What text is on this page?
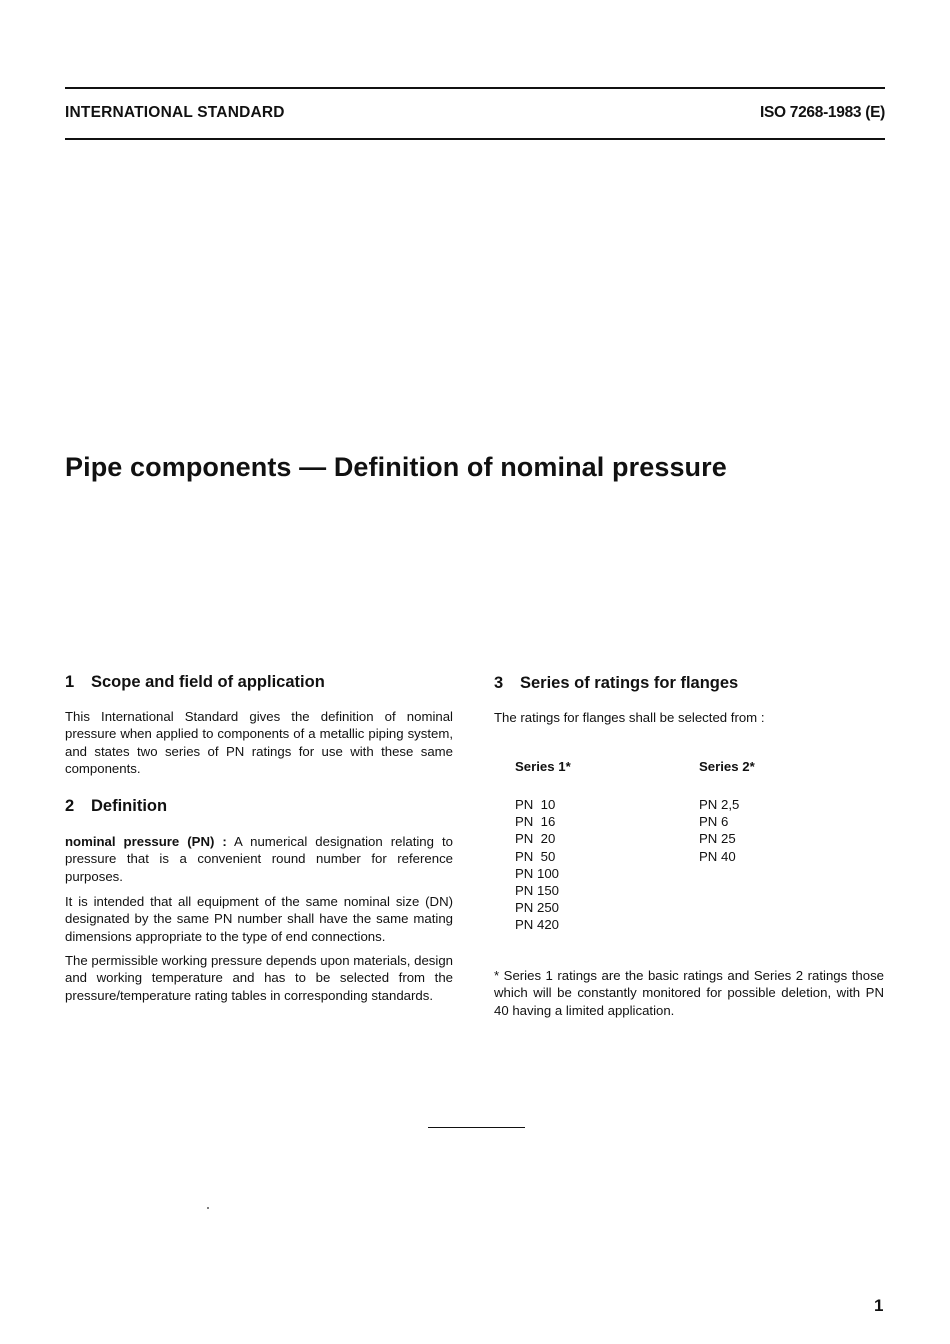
INTERNATIONAL STANDARD	ISO 7268-1983 (E)
Pipe components — Definition of nominal pressure
1 Scope and field of application

This International Standard gives the definition of nominal pressure when applied to components of a metallic piping system, and states two series of PN ratings for use with these same components.

2 Definition

nominal pressure (PN) : A numerical designation relating to pressure that is a convenient round number for reference purposes.

It is intended that all equipment of the same nominal size (DN) designated by the same PN number shall have the same mating dimensions appropriate to the type of end connections.

The permissible working pressure depends upon materials, design and working temperature and has to be selected from the pressure/temperature rating tables in corresponding standards.

3 Series of ratings for flanges

The ratings for flanges shall be selected from :

Series 1*
PN  10
PN  16
PN  20
PN  50
PN 100
PN 150
PN 250
PN 420
Series 2*
PN 2,5
PN 6
PN 25
PN 40

* Series 1 ratings are the basic ratings and Series 2 ratings those which will be constantly monitored for possible deletion, with PN 40 having a limited application.

1
